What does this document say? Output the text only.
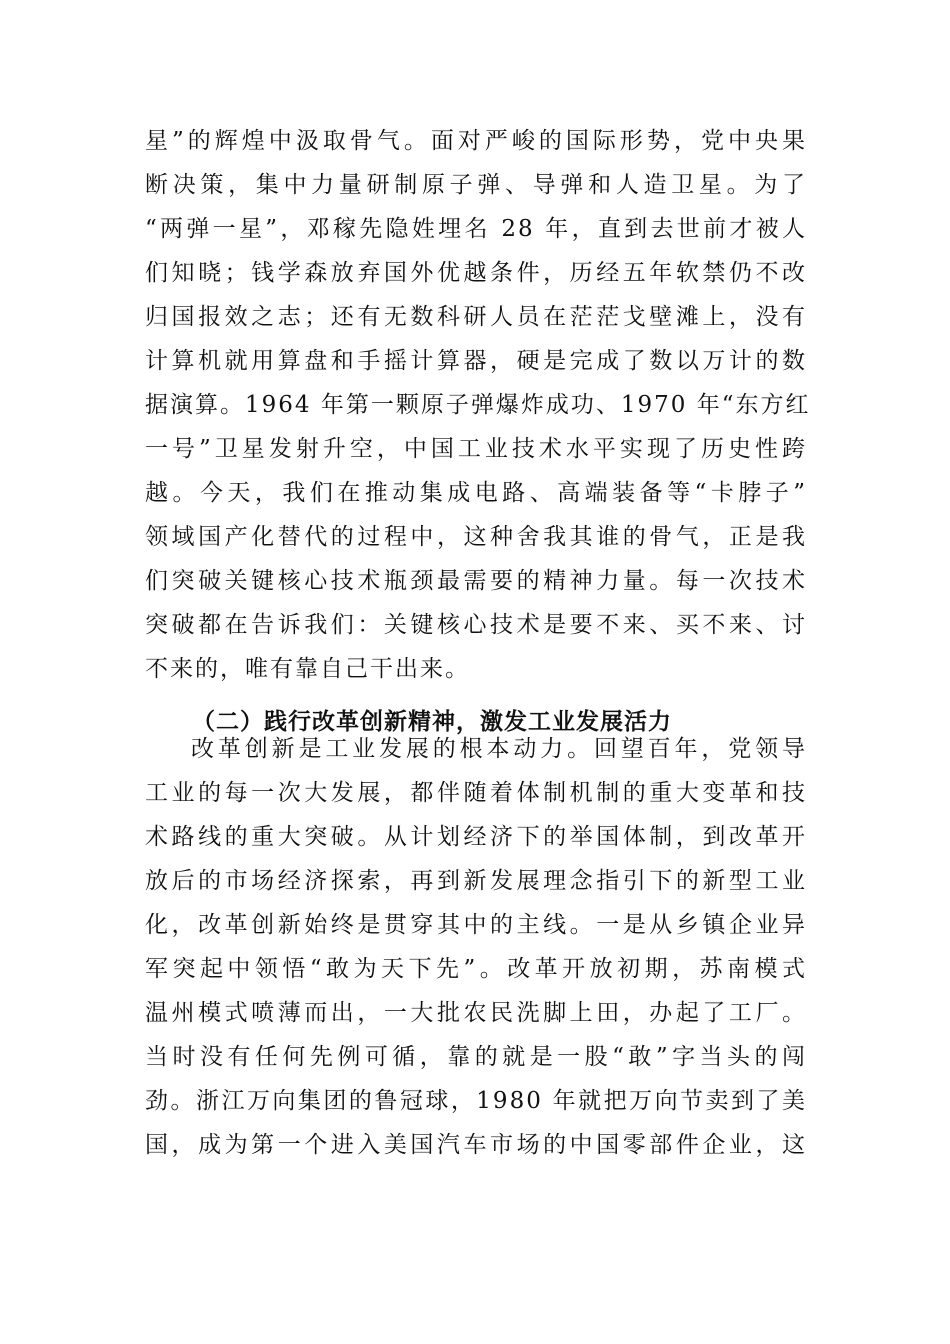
星”的辉煌中汲取骨气。面对严峻的国际形势，党中央果
断决策，集中力量研制原子弹、导弹和人造卫星。为了
“两弹一星”，邓稼先隐姓埋名 28 年，直到去世前才被人
们知晓；钱学森放弃国外优越条件，历经五年软禁仍不改
归国报效之志；还有无数科研人员在茫茫戈壁滩上，没有
计算机就用算盘和手摇计算器，硬是完成了数以万计的数
据演算。1964 年第一颗原子弹爆炸成功、1970 年“东方红
一号”卫星发射升空，中国工业技术水平实现了历史性跨
越。今天，我们在推动集成电路、高端装备等“卡脖子”
领域国产化替代的过程中，这种舍我其谁的骨气，正是我
们突破关键核心技术瓶颈最需要的精神力量。每一次技术
突破都在告诉我们：关键核心技术是要不来、买不来、讨
不来的，唯有靠自己干出来。
（二）践行改革创新精神，激发工业发展活力
改革创新是工业发展的根本动力。回望百年，党领导
工业的每一次大发展，都伴随着体制机制的重大变革和技
术路线的重大突破。从计划经济下的举国体制，到改革开
放后的市场经济探索，再到新发展理念指引下的新型工业
化，改革创新始终是贯穿其中的主线。一是从乡镇企业异
军突起中领悟“敢为天下先”。改革开放初期，苏南模式
温州模式喷薄而出，一大批农民洗脚上田，办起了工厂。
当时没有任何先例可循，靠的就是一股“敢”字当头的闯
劲。浙江万向集团的鲁冠球，1980 年就把万向节卖到了美
国，成为第一个进入美国汽车市场的中国零部件企业，这
